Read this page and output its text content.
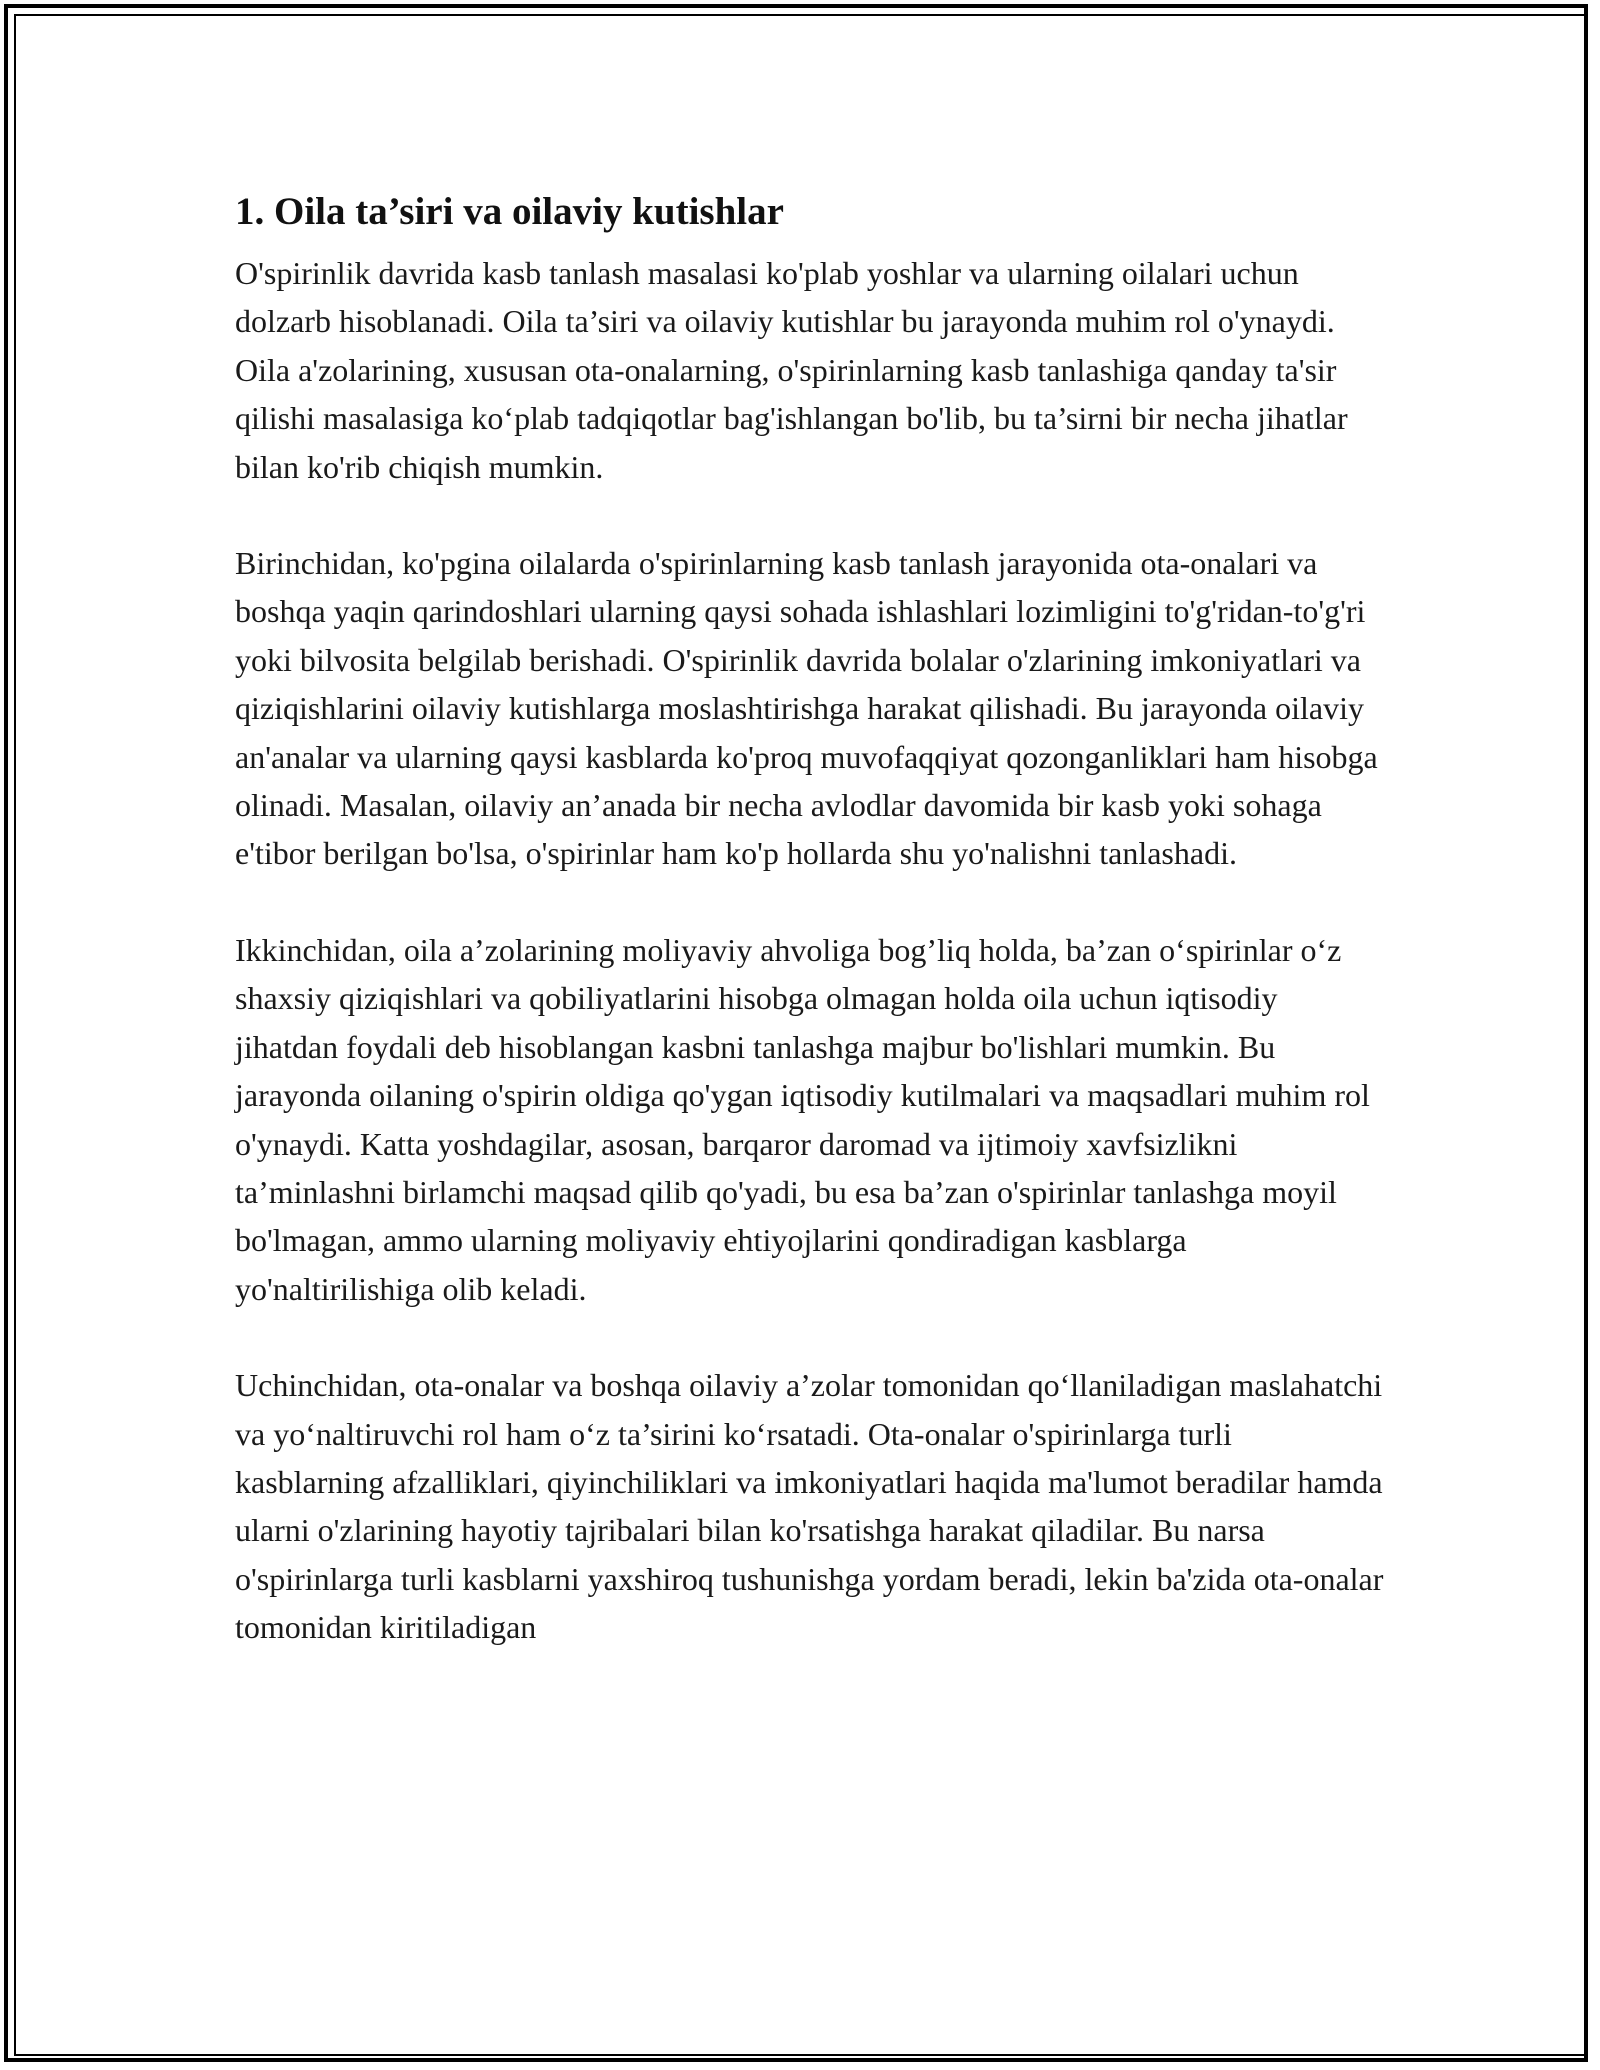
1. Oila ta’siri va oilaviy kutishlar

O'spirinlik davrida kasb tanlash masalasi ko'plab yoshlar va ularning oilalari uchun dolzarb hisoblanadi. Oila ta’siri va oilaviy kutishlar bu jarayonda muhim rol o'ynaydi. Oila a'zolarining, xususan ota-onalarning, o'spirinlarning kasb tanlashiga qanday ta'sir qilishi masalasiga ko‘plab tadqiqotlar bag'ishlangan bo'lib, bu ta’sirni bir necha jihatlar bilan ko'rib chiqish mumkin.

Birinchidan, ko'pgina oilalarda o'spirinlarning kasb tanlash jarayonida ota-onalari va boshqa yaqin qarindoshlari ularning qaysi sohada ishlashlari lozimligini to'g'ridan-to'g'ri yoki bilvosita belgilab berishadi. O'spirinlik davrida bolalar o'zlarining imkoniyatlari va qiziqishlarini oilaviy kutishlarga moslashtirishga harakat qilishadi. Bu jarayonda oilaviy an'analar va ularning qaysi kasblarda ko'proq muvofaqqiyat qozonganliklari ham hisobga olinadi. Masalan, oilaviy an’anada bir necha avlodlar davomida bir kasb yoki sohaga e'tibor berilgan bo'lsa, o'spirinlar ham ko'p hollarda shu yo'nalishni tanlashadi.

Ikkinchidan, oila a’zolarining moliyaviy ahvoliga bog’liq holda, ba’zan o‘spirinlar o‘z shaxsiy qiziqishlari va qobiliyatlarini hisobga olmagan holda oila uchun iqtisodiy jihatdan foydali deb hisoblangan kasbni tanlashga majbur bo'lishlari mumkin. Bu jarayonda oilaning o'spirin oldiga qo'ygan iqtisodiy kutilmalari va maqsadlari muhim rol o'ynaydi. Katta yoshdagilar, asosan, barqaror daromad va ijtimoiy xavfsizlikni ta’minlashni birlamchi maqsad qilib qo'yadi, bu esa ba’zan o'spirinlar tanlashga moyil bo'lmagan, ammo ularning moliyaviy ehtiyojlarini qondiradigan kasblarga yo'naltirilishiga olib keladi.

Uchinchidan, ota-onalar va boshqa oilaviy a’zolar tomonidan qo‘llaniladigan maslahatchi va yo‘naltiruvchi rol ham o‘z ta’sirini ko‘rsatadi. Ota-onalar o'spirinlarga turli kasblarning afzalliklari, qiyinchiliklari va imkoniyatlari haqida ma'lumot beradilar hamda ularni o'zlarining hayotiy tajribalari bilan ko'rsatishga harakat qiladilar. Bu narsa o'spirinlarga turli kasblarni yaxshiroq tushunishga yordam beradi, lekin ba'zida ota-onalar tomonidan kiritiladigan
